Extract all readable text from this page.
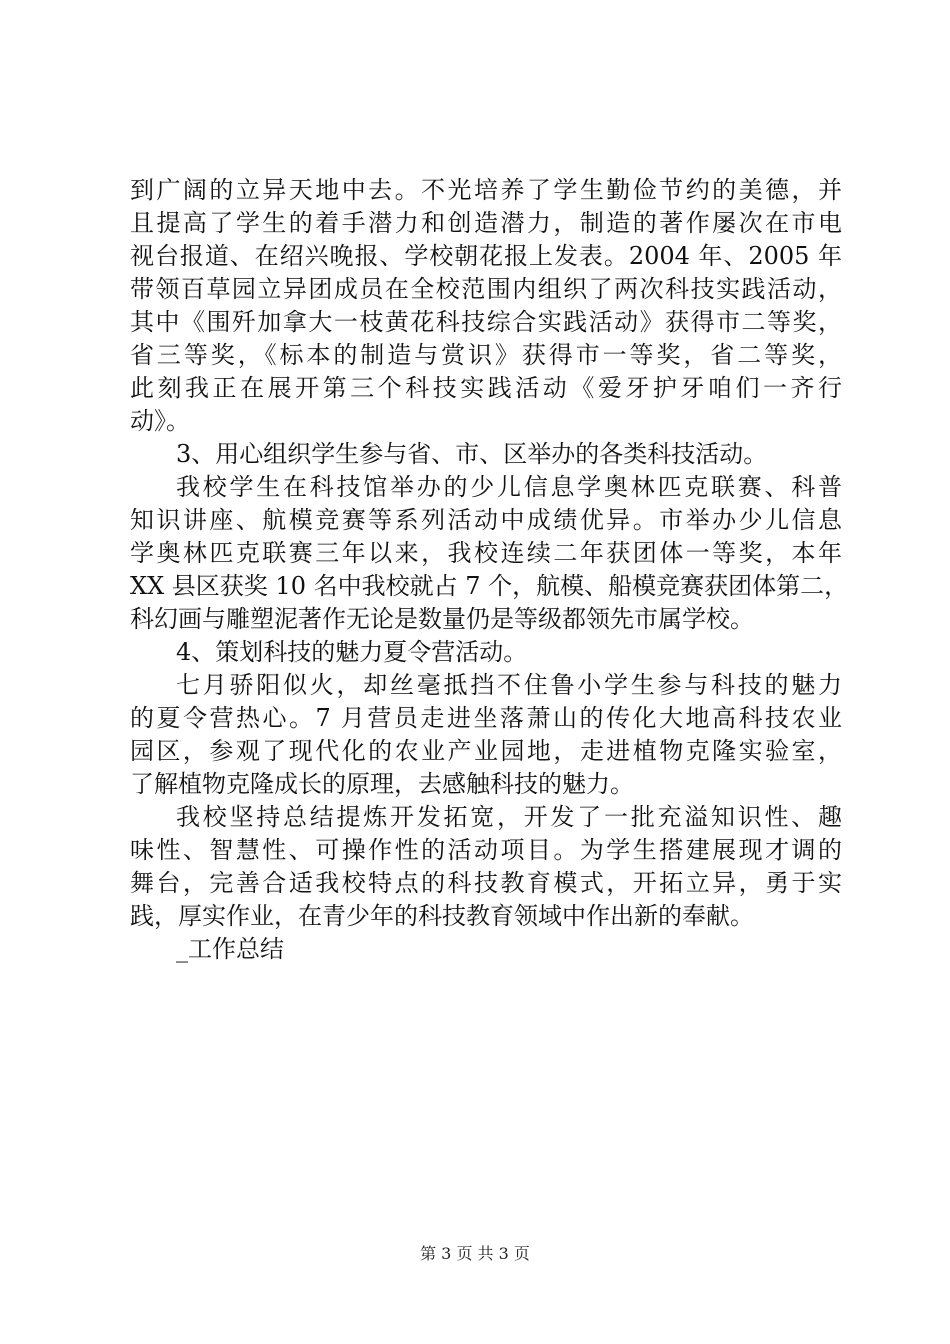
到广阔的立异天地中去。不光培养了学生勤俭节约的美德，并
且提高了学生的着手潜力和创造潜力，制造的著作屡次在市电
视台报道、在绍兴晚报、学校朝花报上发表。2004 年、2005 年
带领百草园立异团成员在全校范围内组织了两次科技实践活动，
其中《围歼加拿大一枝黄花科技综合实践活动》获得市二等奖，
省三等奖，《标本的制造与赏识》获得市一等奖，省二等奖，
此刻我正在展开第三个科技实践活动《爱牙护牙咱们一齐行
动》。
3、用心组织学生参与省、市、区举办的各类科技活动。
我校学生在科技馆举办的少儿信息学奥林匹克联赛、科普
知识讲座、航模竞赛等系列活动中成绩优异。市举办少儿信息
学奥林匹克联赛三年以来，我校连续二年获团体一等奖，本年
XX 县区获奖 10 名中我校就占 7 个，航模、船模竞赛获团体第二，
科幻画与雕塑泥著作无论是数量仍是等级都领先市属学校。
4、策划科技的魅力夏令营活动。
七月骄阳似火，却丝毫抵挡不住鲁小学生参与科技的魅力
的夏令营热心。7 月营员走进坐落萧山的传化大地高科技农业
园区，参观了现代化的农业产业园地，走进植物克隆实验室，
了解植物克隆成长的原理，去感触科技的魅力。
我校坚持总结提炼开发拓宽，开发了一批充溢知识性、趣
味性、智慧性、可操作性的活动项目。为学生搭建展现才调的
舞台，完善合适我校特点的科技教育模式，开拓立异，勇于实
践，厚实作业，在青少年的科技教育领域中作出新的奉献。
_工作总结
第 3 页 共 3 页
